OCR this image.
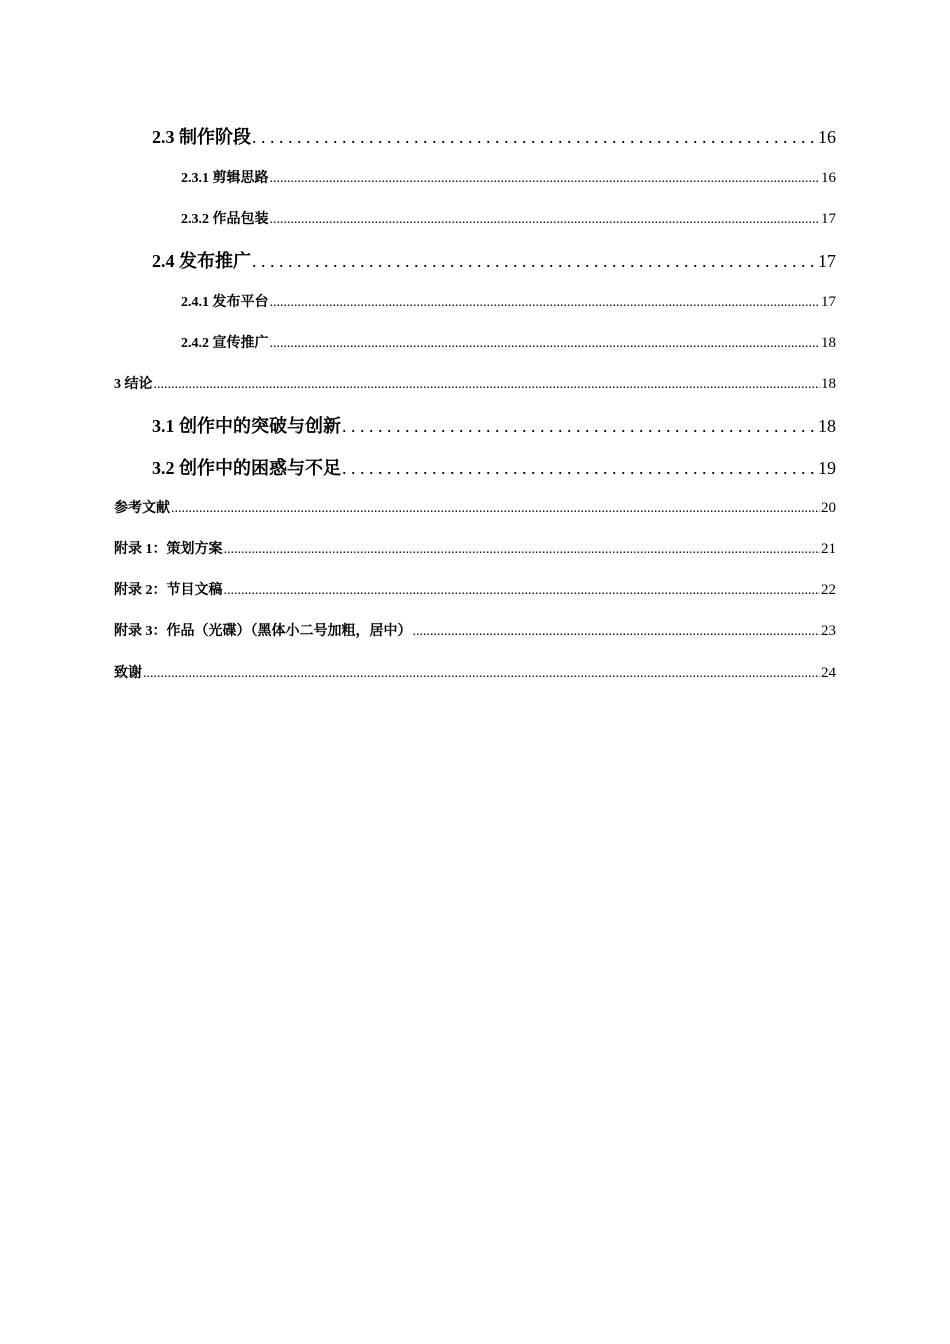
2.3 制作阶段 . . .	16
2.3.1 剪辑思路 .....	16
2.3.2 作品包装 .....	17
2.4 发布推广 . . .	17
2.4.1 发布平台 .....	17
2.4.2 宣传推广 .....	18
3 结论 .....	18
3.1 创作中的突破与创新 . . .	18
3.2 创作中的困惑与不足 . . .	19
参考文献 .....	20
附录 1：策划方案 .....	21
附录 2：节目文稿 .....	22
附录 3：作品（光碟）（黑体小二号加粗，居中） .....	23
致谢 .....	24
